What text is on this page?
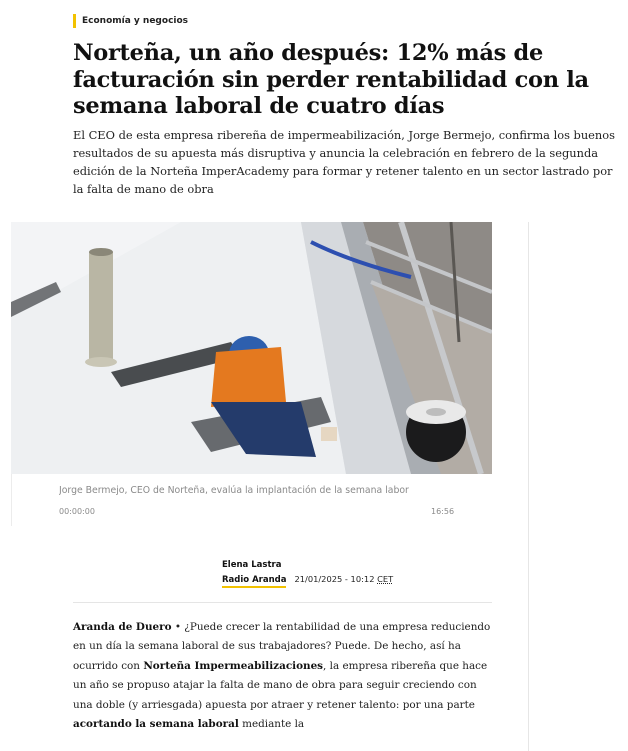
Economía y negocios
Norteña, un año después: 12% más de facturación sin perder rentabilidad con la semana laboral de cuatro días

El CEO de esta empresa ribereña de impermeabilización, Jorge Bermejo, confirma los buenos resultados de su apuesta más disruptiva y anuncia la celebración en febrero de la segunda edición de la Norteña ImperAcademy para formar y retener talento en un sector lastrado por la falta de mano de obra

Jorge Bermejo, CEO de Norteña, evalúa la implantación de la semana labor
00:00:00	16:56
Elena Lastra
Radio Aranda 21/01/2025 - 10:12 CET
Aranda de Duero • ¿Puede crecer la rentabilidad de una empresa reduciendo en un día la semana laboral de sus trabajadores? Puede. De hecho, así ha ocurrido con Norteña Impermeabilizaciones, la empresa ribereña que hace un año se propuso atajar la falta de mano de obra para seguir creciendo con una doble (y arriesgada) apuesta por atraer y retener talento: por una parte acortando la semana laboral mediante la
